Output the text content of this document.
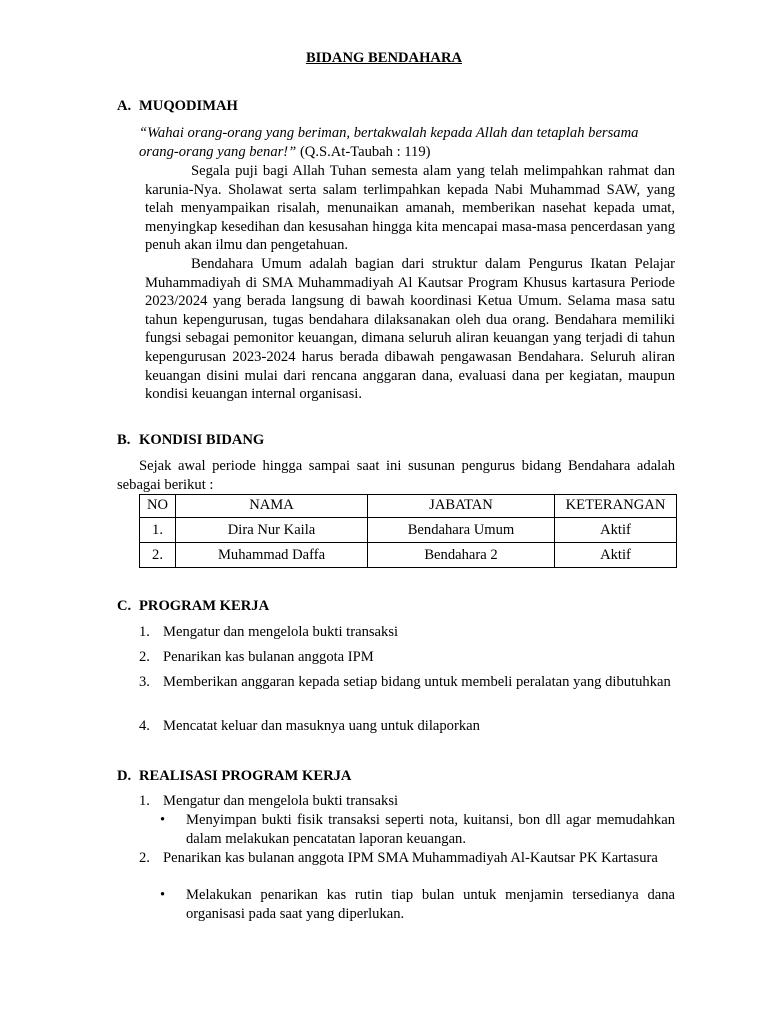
BIDANG BENDAHARA
A. MUQODIMAH
“Wahai orang-orang yang beriman, bertakwalah kepada Allah dan tetaplah bersama orang-orang yang benar!” (Q.S.At-Taubah : 119)
Segala puji bagi Allah Tuhan semesta alam yang telah melimpahkan rahmat dan karunia-Nya. Sholawat serta salam terlimpahkan kepada Nabi Muhammad SAW, yang telah menyampaikan risalah, menunaikan amanah, memberikan nasehat kepada umat, menyingkap kesedihan dan kesusahan hingga kita mencapai masa-masa pencerdasan yang penuh akan ilmu dan pengetahuan.
Bendahara Umum adalah bagian dari struktur dalam Pengurus Ikatan Pelajar Muhammadiyah di SMA Muhammadiyah Al Kautsar Program Khusus kartasura Periode 2023/2024 yang berada langsung di bawah koordinasi Ketua Umum. Selama masa satu tahun kepengurusan, tugas bendahara dilaksanakan oleh dua orang. Bendahara memiliki fungsi sebagai pemonitor keuangan, dimana seluruh aliran keuangan yang terjadi di tahun kepengurusan 2023-2024 harus berada dibawah pengawasan Bendahara. Seluruh aliran keuangan disini mulai dari rencana anggaran dana, evaluasi dana per kegiatan, maupun kondisi keuangan internal organisasi.
B. KONDISI BIDANG
Sejak awal periode hingga sampai saat ini susunan pengurus bidang Bendahara adalah sebagai berikut :
NO	NAMA	JABATAN	KETERANGAN
1.	Dira Nur Kaila	Bendahara Umum	Aktif
2.	Muhammad Daffa	Bendahara 2	Aktif
C. PROGRAM KERJA
1. Mengatur dan mengelola bukti transaksi
2. Penarikan kas bulanan anggota IPM
3. Memberikan anggaran kepada setiap bidang untuk membeli peralatan yang dibutuhkan
4. Mencatat keluar dan masuknya uang untuk dilaporkan
D. REALISASI PROGRAM KERJA
1. Mengatur dan mengelola bukti transaksi
•	Menyimpan bukti fisik transaksi seperti nota, kuitansi, bon dll agar memudahkan dalam melakukan pencatatan laporan keuangan.
2. Penarikan kas bulanan anggota IPM SMA Muhammadiyah Al-Kautsar PK Kartasura
•	Melakukan penarikan kas rutin tiap bulan untuk menjamin tersedianya dana organisasi pada saat yang diperlukan.
